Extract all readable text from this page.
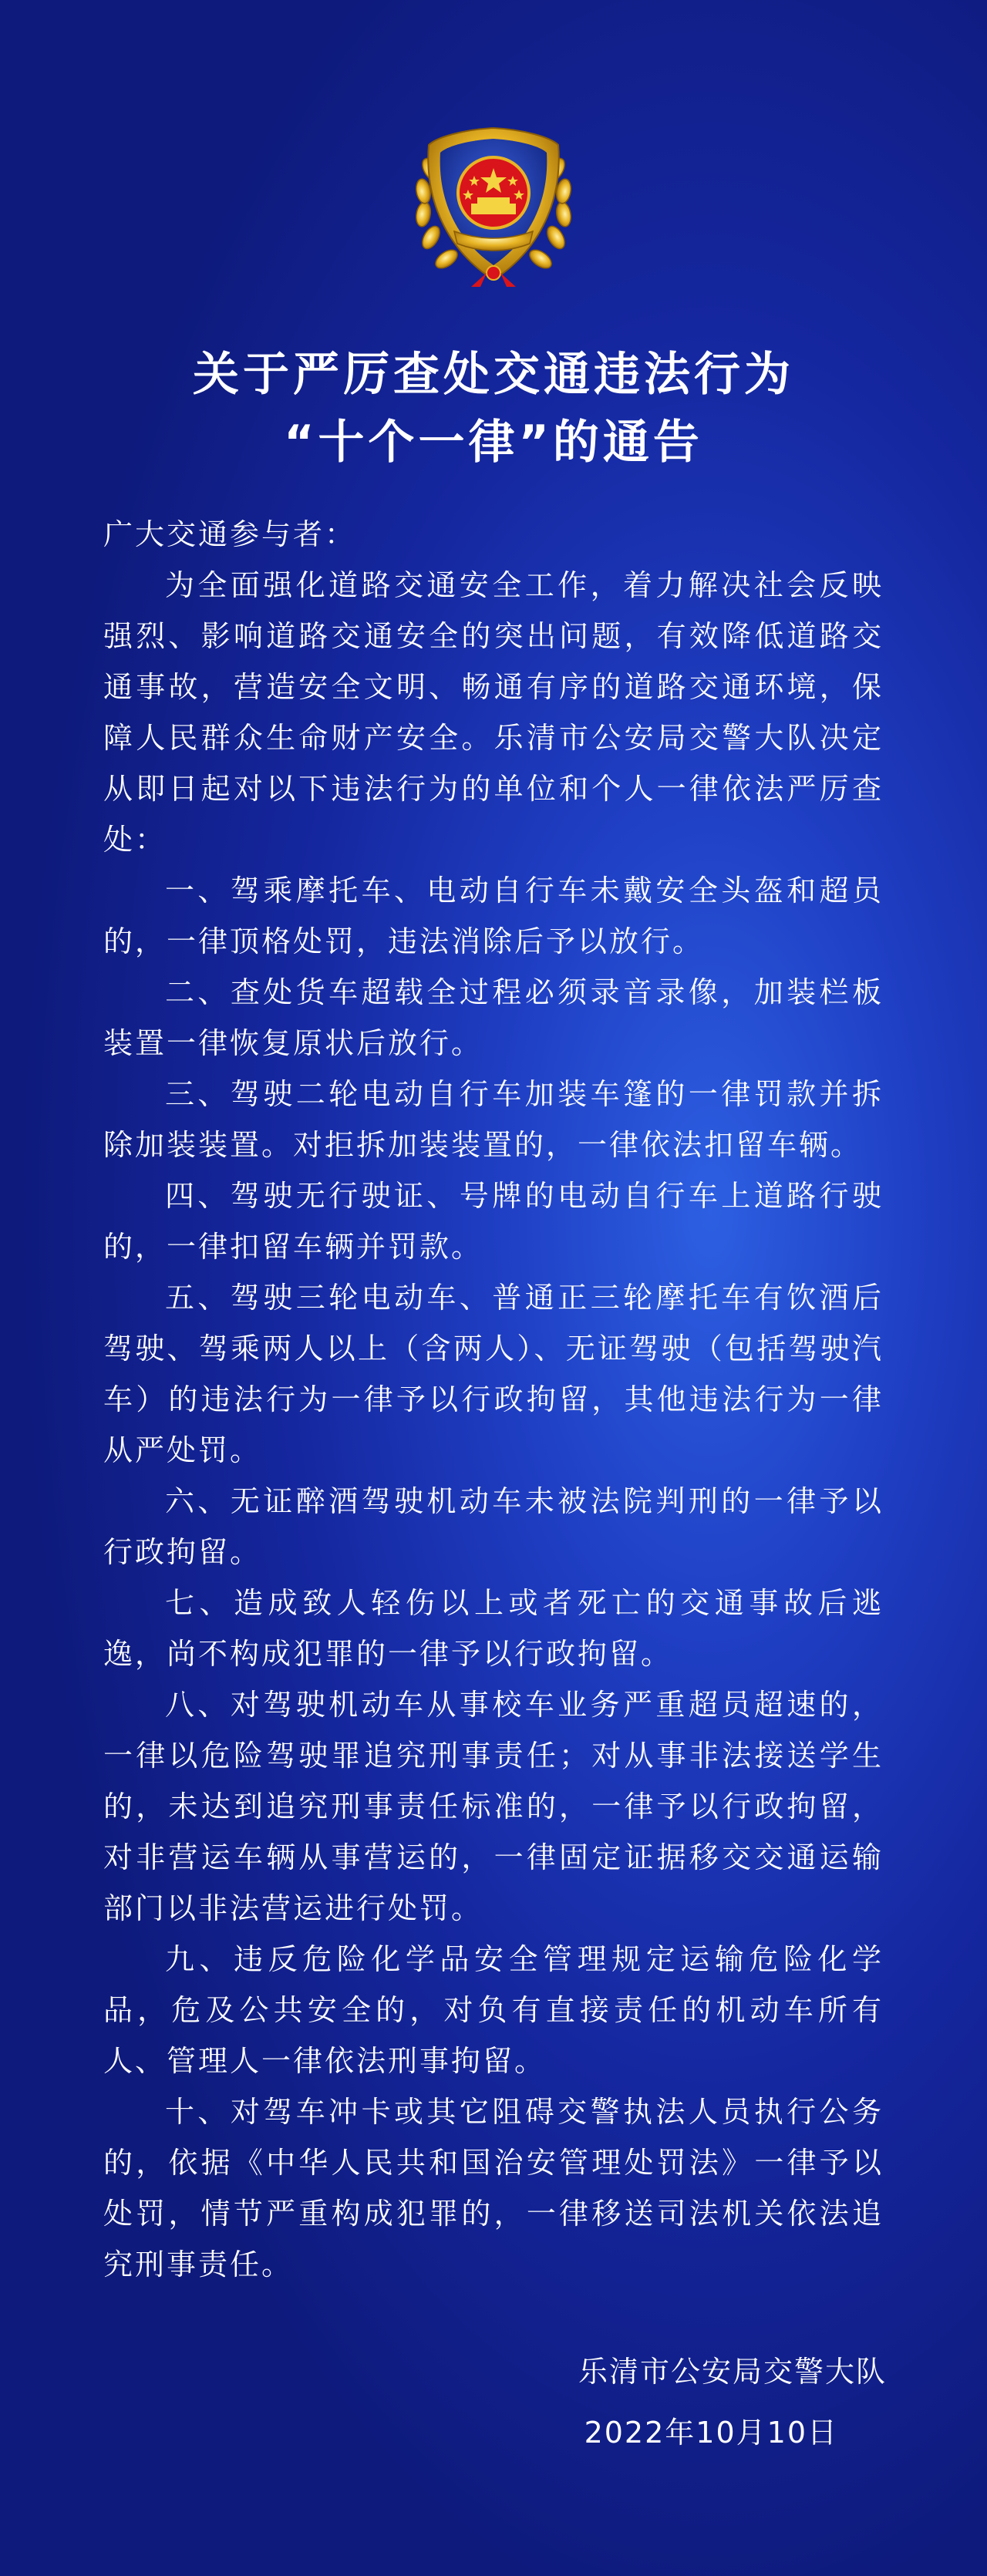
关于严厉查处交通违法行为
“十个一律”的通告

广大交通参与者：

为全面强化道路交通安全工作，着力解决社会反映强烈、影响道路交通安全的突出问题，有效降低道路交通事故，营造安全文明、畅通有序的道路交通环境，保障人民群众生命财产安全。乐清市公安局交警大队决定从即日起对以下违法行为的单位和个人一律依法严厉查处：

一、驾乘摩托车、电动自行车未戴安全头盔和超员的，一律顶格处罚，违法消除后予以放行。

二、查处货车超载全过程必须录音录像，加装栏板装置一律恢复原状后放行。

三、驾驶二轮电动自行车加装车篷的一律罚款并拆除加装装置。对拒拆加装装置的，一律依法扣留车辆。

四、驾驶无行驶证、号牌的电动自行车上道路行驶的，一律扣留车辆并罚款。

五、驾驶三轮电动车、普通正三轮摩托车有饮酒后驾驶、驾乘两人以上（含两人）、无证驾驶（包括驾驶汽车）的违法行为一律予以行政拘留，其他违法行为一律从严处罚。

六、无证醉酒驾驶机动车未被法院判刑的一律予以行政拘留。

七、造成致人轻伤以上或者死亡的交通事故后逃逸，尚不构成犯罪的一律予以行政拘留。

八、对驾驶机动车从事校车业务严重超员超速的，一律以危险驾驶罪追究刑事责任；对从事非法接送学生的，未达到追究刑事责任标准的，一律予以行政拘留，对非营运车辆从事营运的，一律固定证据移交交通运输部门以非法营运进行处罚。

九、违反危险化学品安全管理规定运输危险化学品，危及公共安全的，对负有直接责任的机动车所有人、管理人一律依法刑事拘留。

十、对驾车冲卡或其它阻碍交警执法人员执行公务的，依据《中华人民共和国治安管理处罚法》一律予以处罚，情节严重构成犯罪的，一律移送司法机关依法追究刑事责任。

乐清市公安局交警大队
2022年10月10日
